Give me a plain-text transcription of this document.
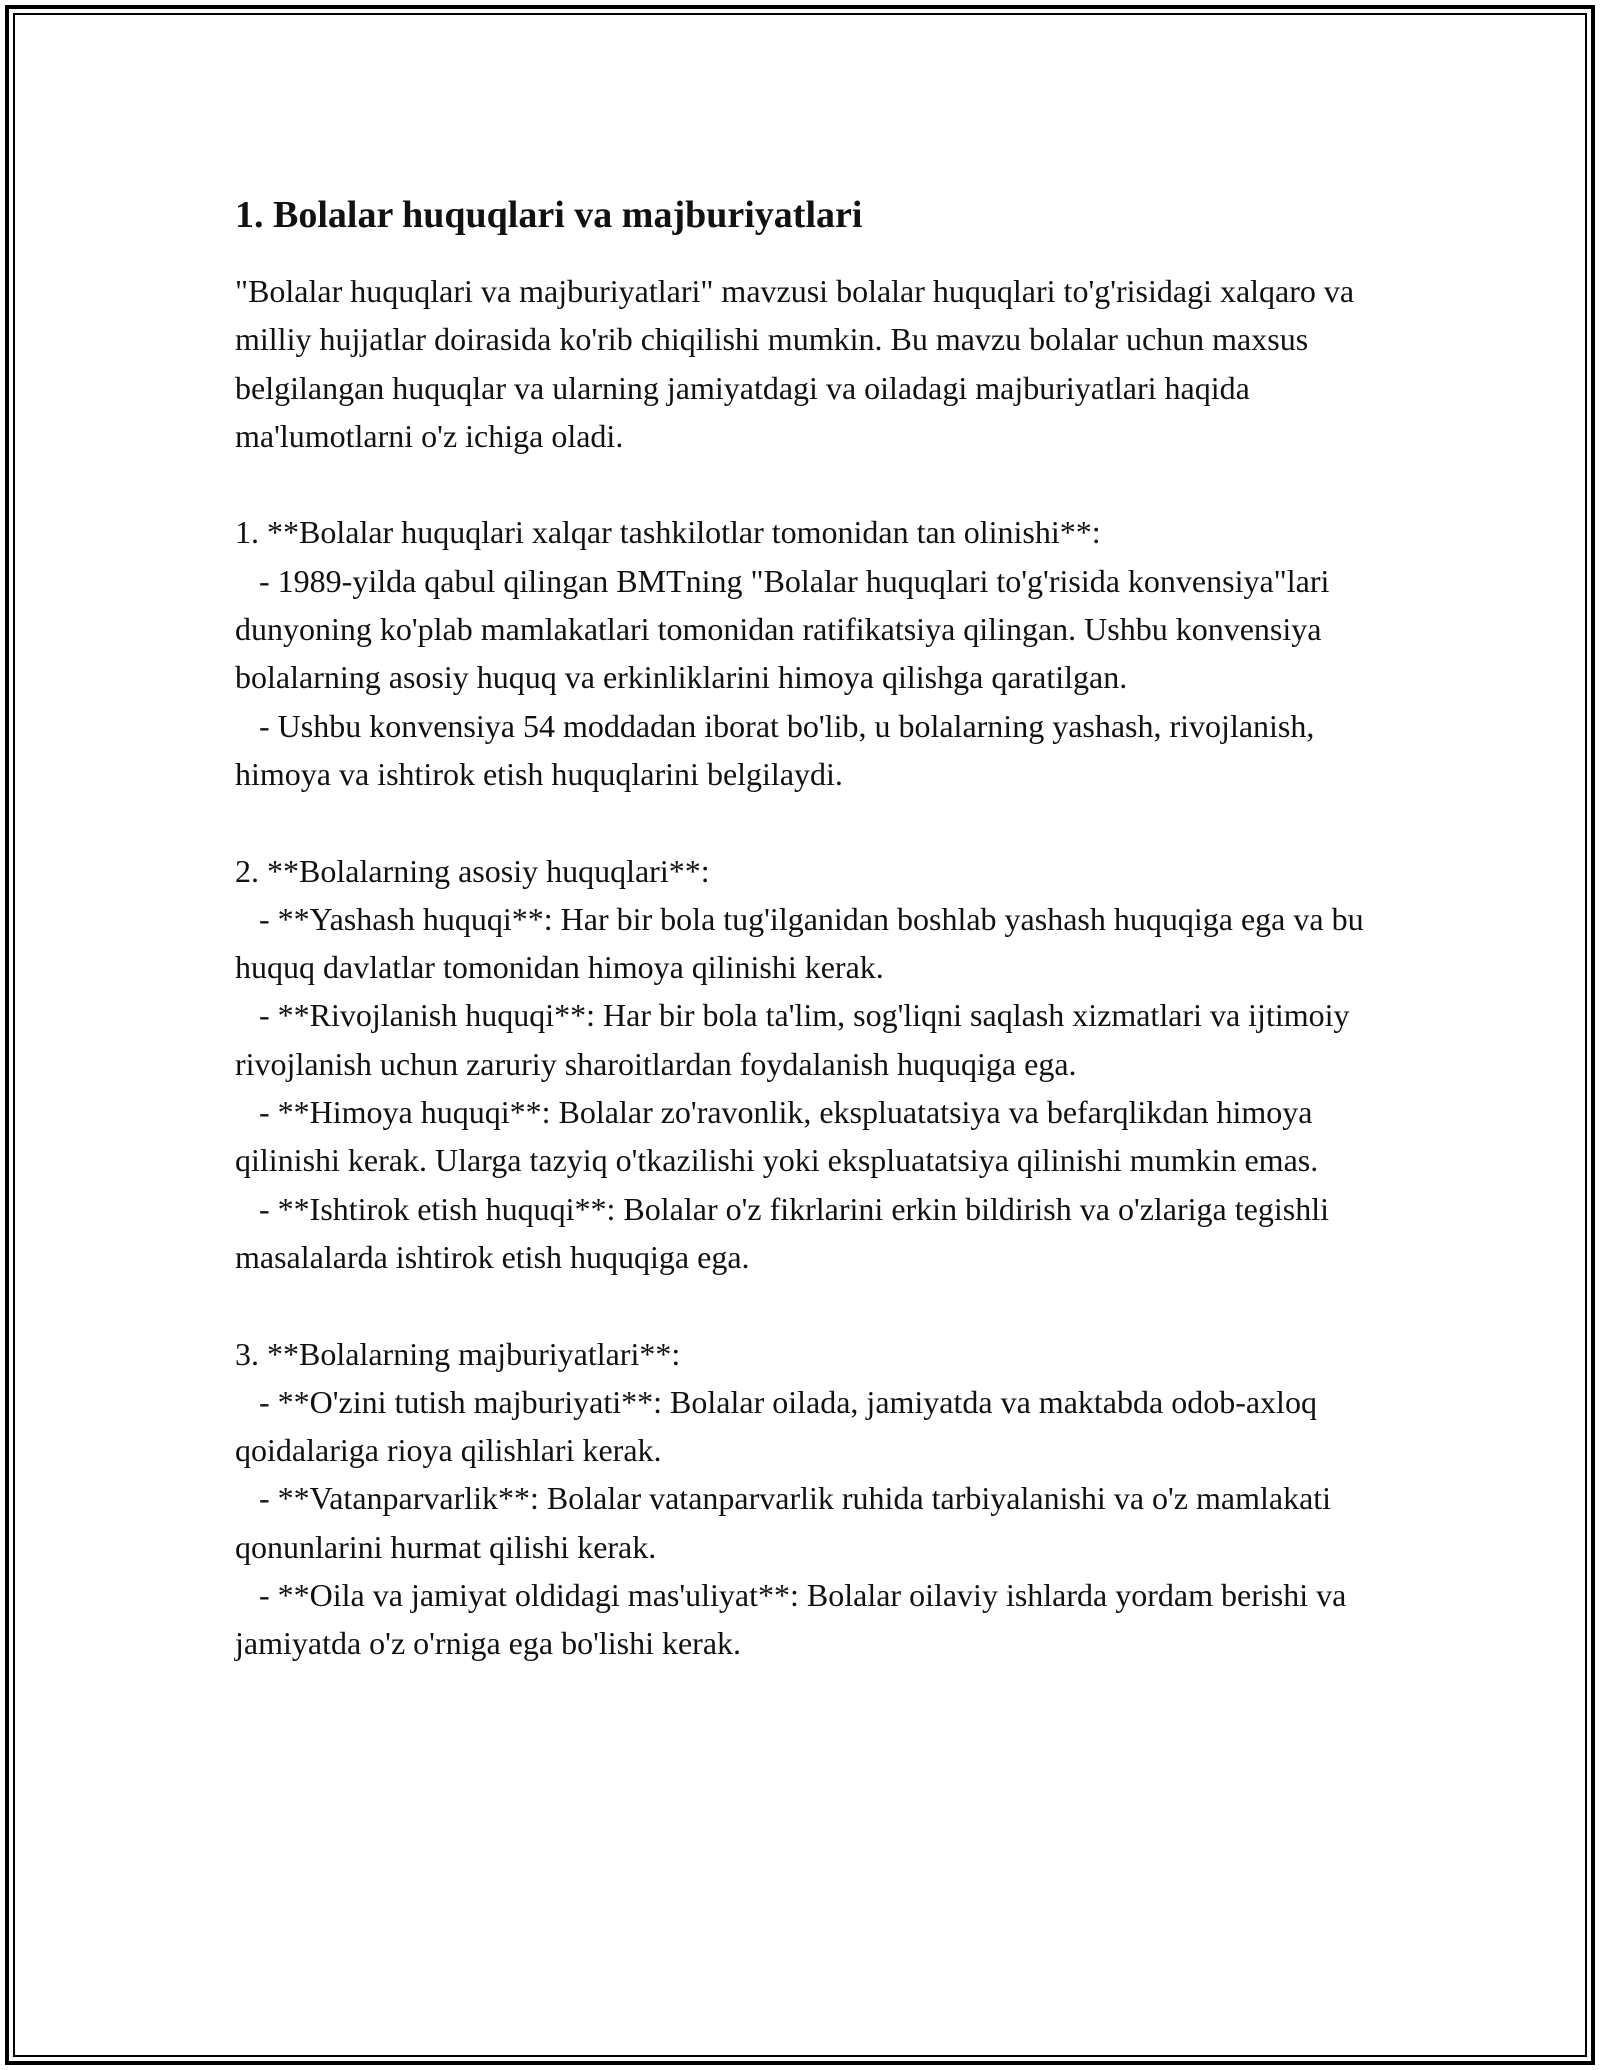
1. Bolalar huquqlari va majburiyatlari

"Bolalar huquqlari va majburiyatlari" mavzusi bolalar huquqlari to'g'risidagi xalqaro va milliy hujjatlar doirasida ko'rib chiqilishi mumkin. Bu mavzu bolalar uchun maxsus belgilangan huquqlar va ularning jamiyatdagi va oiladagi majburiyatlari haqida ma'lumotlarni o'z ichiga oladi.

1. **Bolalar huquqlari xalqar tashkilotlar tomonidan tan olinishi**:

- 1989-yilda qabul qilingan BMTning "Bolalar huquqlari to'g'risida konvensiya"lari dunyoning ko'plab mamlakatlari tomonidan ratifikatsiya qilingan. Ushbu konvensiya bolalarning asosiy huquq va erkinliklarini himoya qilishga qaratilgan.

- Ushbu konvensiya 54 moddadan iborat bo'lib, u bolalarning yashash, rivojlanish, himoya va ishtirok etish huquqlarini belgilaydi.

2. **Bolalarning asosiy huquqlari**:

- **Yashash huquqi**: Har bir bola tug'ilganidan boshlab yashash huquqiga ega va bu huquq davlatlar tomonidan himoya qilinishi kerak.

- **Rivojlanish huquqi**: Har bir bola ta'lim, sog'liqni saqlash xizmatlari va ijtimoiy rivojlanish uchun zaruriy sharoitlardan foydalanish huquqiga ega.

- **Himoya huquqi**: Bolalar zo'ravonlik, ekspluatatsiya va befarqlikdan himoya qilinishi kerak. Ularga tazyiq o'tkazilishi yoki ekspluatatsiya qilinishi mumkin emas.

- **Ishtirok etish huquqi**: Bolalar o'z fikrlarini erkin bildirish va o'zlariga tegishli masalalarda ishtirok etish huquqiga ega.

3. **Bolalarning majburiyatlari**:

- **O'zini tutish majburiyati**: Bolalar oilada, jamiyatda va maktabda odob-axloq qoidalariga rioya qilishlari kerak.

- **Vatanparvarlik**: Bolalar vatanparvarlik ruhida tarbiyalanishi va o'z mamlakati qonunlarini hurmat qilishi kerak.

- **Oila va jamiyat oldidagi mas'uliyat**: Bolalar oilaviy ishlarda yordam berishi va jamiyatda o'z o'rniga ega bo'lishi kerak.
